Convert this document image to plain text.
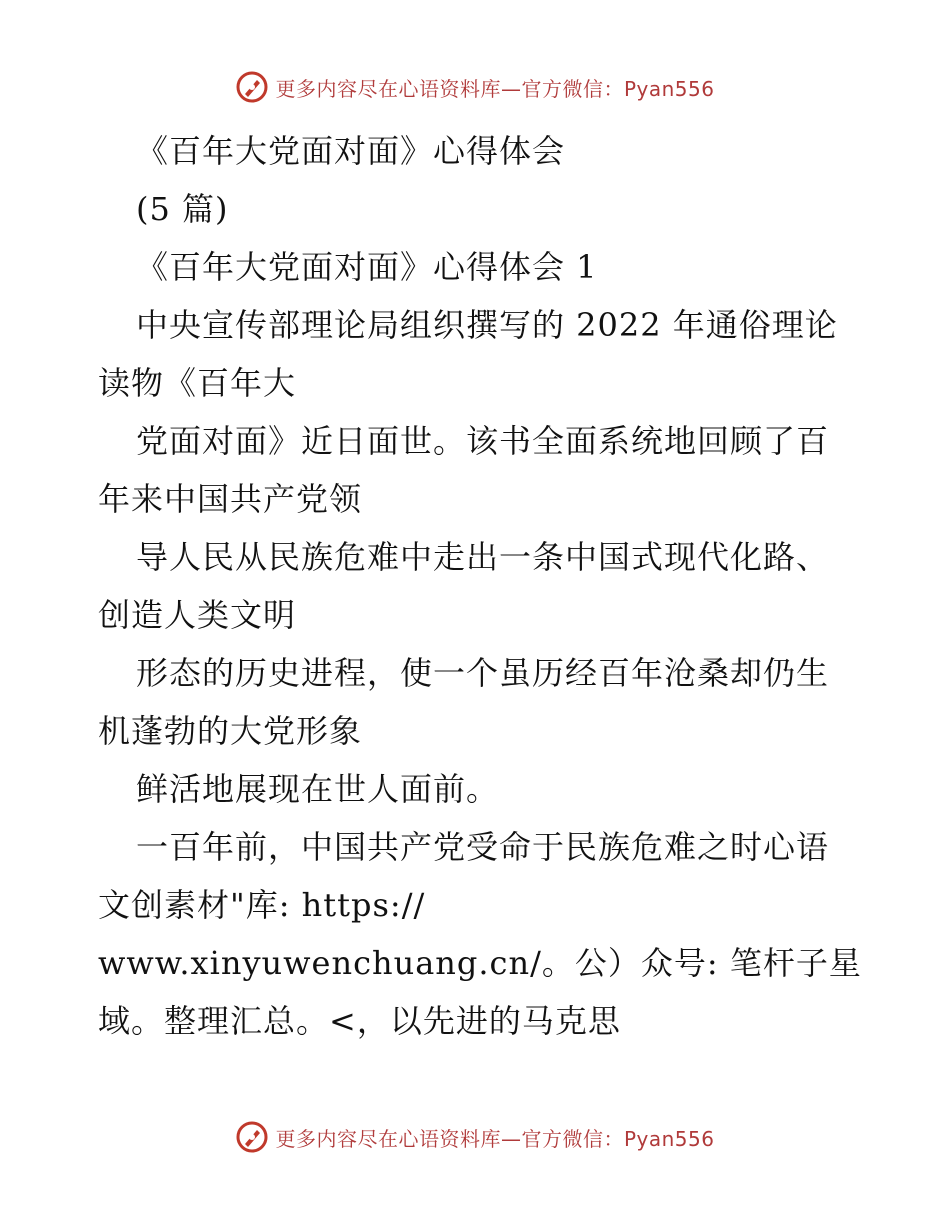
更多内容尽在心语资料库—官方微信：Pyan556
《百年大党面对面》心得体会
(5 篇)
《百年大党面对面》心得体会 1
中央宣传部理论局组织撰写的 2022 年通俗理论
读物《百年大
党面对面》近日面世。该书全面系统地回顾了百
年来中国共产党领
导人民从民族危难中走出一条中国式现代化路、
创造人类文明
形态的历史进程，使一个虽历经百年沧桑却仍生
机蓬勃的大党形象
鲜活地展现在世人面前。
一百年前，中国共产党受命于民族危难之时心语
文创素材"库: https://
www.xinyuwenchuang.cn/。公）众号: 笔杆子星
域。整理汇总。<，以先进的马克思
更多内容尽在心语资料库—官方微信：Pyan556
